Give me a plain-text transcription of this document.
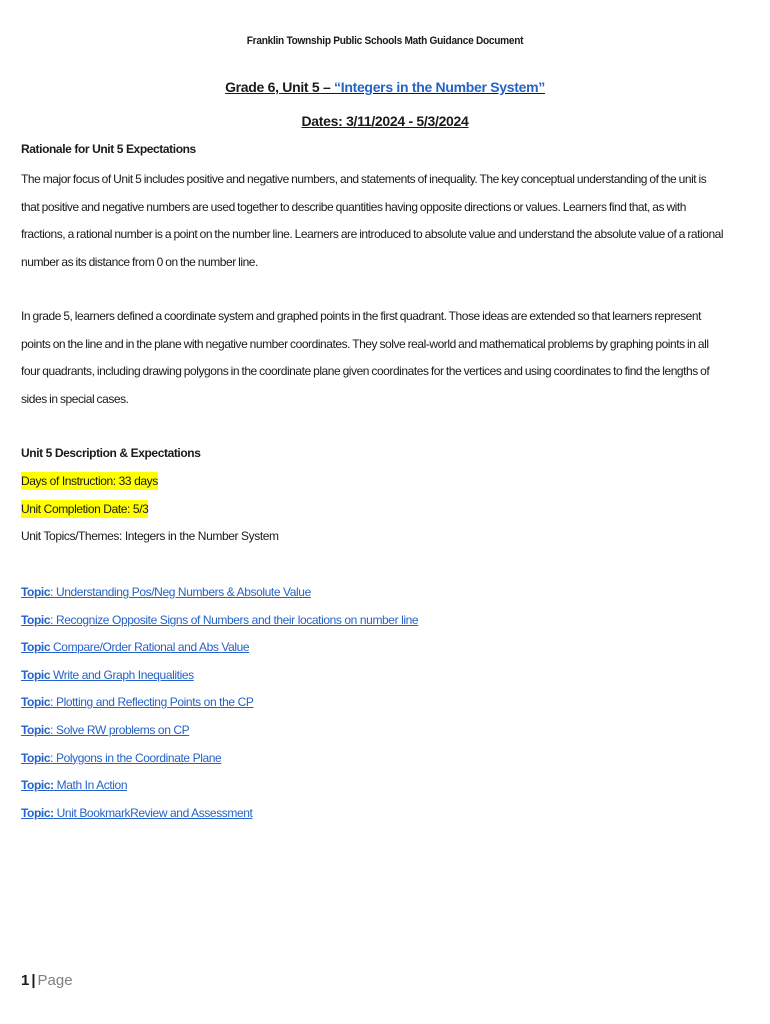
Franklin Township Public Schools Math Guidance Document
Grade 6, Unit 5 – “Integers in the Number System”
Dates: 3/11/2024 - 5/3/2024
Rationale for Unit 5 Expectations
The major focus of Unit 5 includes positive and negative numbers, and statements of inequality. The key conceptual understanding of the unit is that positive and negative numbers are used together to describe quantities having opposite directions or values. Learners find that, as with fractions, a rational number is a point on the number line. Learners are introduced to absolute value and understand the absolute value of a rational number as its distance from 0 on the number line.
In grade 5, learners defined a coordinate system and graphed points in the first quadrant. Those ideas are extended so that learners represent points on the line and in the plane with negative number coordinates. They solve real-world and mathematical problems by graphing points in all four quadrants, including drawing polygons in the coordinate plane given coordinates for the vertices and using coordinates to find the lengths of sides in special cases.
Unit 5 Description & Expectations
Days of Instruction: 33 days
Unit Completion Date: 5/3
Unit Topics/Themes: Integers in the Number System
Topic: Understanding Pos/Neg Numbers & Absolute Value
Topic: Recognize Opposite Signs of Numbers and their locations on number line
Topic Compare/Order Rational and Abs Value
Topic Write and Graph Inequalities
Topic: Plotting and Reflecting Points on the CP
Topic: Solve RW problems on CP
Topic: Polygons in the Coordinate Plane
Topic: Math In Action
Topic: Unit BookmarkReview and Assessment
1 | Page
